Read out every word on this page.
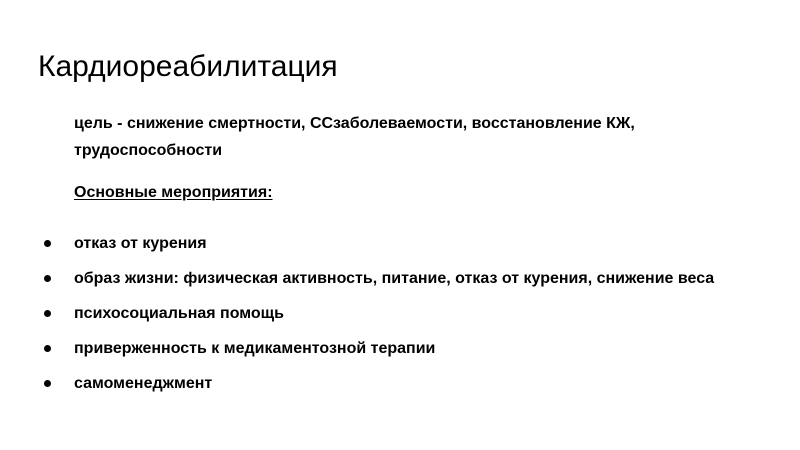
Кардиореабилитация

цель - снижение смертности, ССзаболеваемости, восстановление КЖ, трудоспособности

Основные мероприятия:

отказ от курения
образ жизни: физическая активность, питание, отказ от курения, снижение веса
психосоциальная помощь
приверженность к медикаментозной терапии
самоменеджмент
